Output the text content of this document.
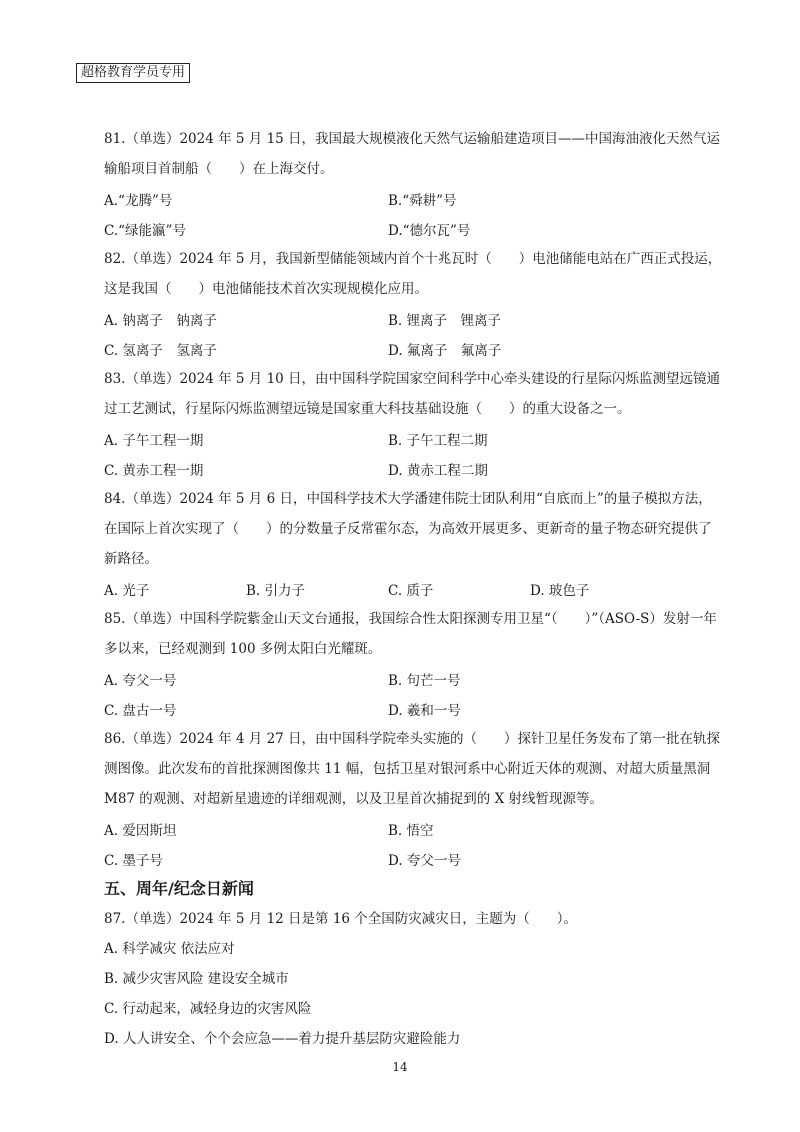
超格教育学员专用

81.（单选）2024 年 5 月 15 日，我国最大规模液化天然气运输船建造项目——中国海油液化天然气运输船项目首制船（　　）在上海交付。

A.“龙腾”号	B.“舜耕”号
C.“绿能瀛”号	D.“德尔瓦”号

82.（单选）2024 年 5 月，我国新型储能领域内首个十兆瓦时（　　）电池储能电站在广西正式投运，这是我国（　　）电池储能技术首次实现规模化应用。

A. 钠离子　钠离子	B. 锂离子　锂离子
C. 氢离子　氢离子	D. 氟离子　氟离子

83.（单选）2024 年 5 月 10 日，由中国科学院国家空间科学中心牵头建设的行星际闪烁监测望远镜通过工艺测试，行星际闪烁监测望远镜是国家重大科技基础设施（　　）的重大设备之一。

A. 子午工程一期	B. 子午工程二期
C. 黄赤工程一期	D. 黄赤工程二期

84.（单选）2024 年 5 月 6 日，中国科学技术大学潘建伟院士团队利用“自底而上”的量子模拟方法，在国际上首次实现了（　　）的分数量子反常霍尔态，为高效开展更多、更新奇的量子物态研究提供了新路径。

A. 光子	B. 引力子	C. 质子	D. 玻色子

85.（单选）中国科学院紫金山天文台通报，我国综合性太阳探测专用卫星“（　　）”（ASO-S）发射一年多以来，已经观测到 100 多例太阳白光耀斑。

A. 夸父一号	B. 句芒一号
C. 盘古一号	D. 羲和一号

86.（单选）2024 年 4 月 27 日，由中国科学院牵头实施的（　　）探针卫星任务发布了第一批在轨探测图像。此次发布的首批探测图像共 11 幅，包括卫星对银河系中心附近天体的观测、对超大质量黑洞 M87 的观测、对超新星遗迹的详细观测，以及卫星首次捕捉到的 X 射线暂现源等。

A. 爱因斯坦	B. 悟空
C. 墨子号	D. 夸父一号
五、周年/纪念日新闻

87.（单选）2024 年 5 月 12 日是第 16 个全国防灾减灾日，主题为（　　）。

A. 科学减灾 依法应对
B. 减少灾害风险 建设安全城市
C. 行动起来，减轻身边的灾害风险
D. 人人讲安全、个个会应急——着力提升基层防灾避险能力
14
